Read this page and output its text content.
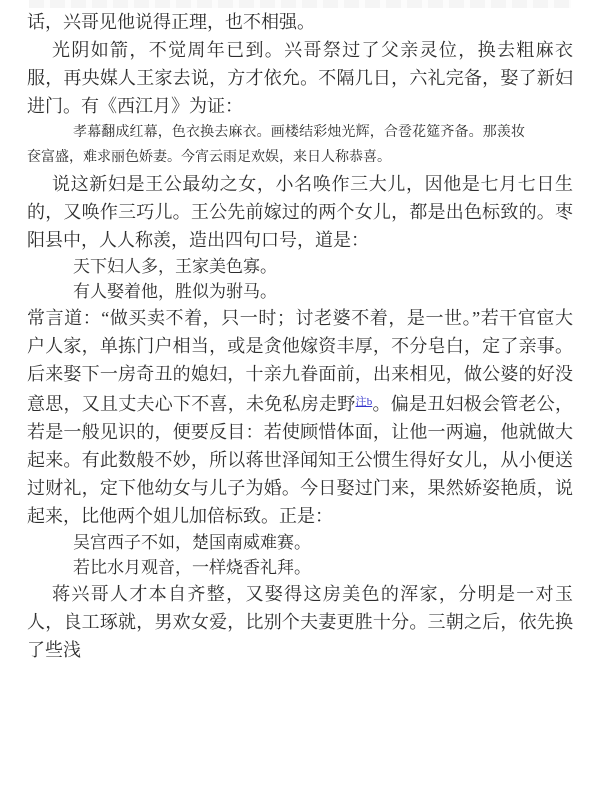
话，兴哥见他说得正理，也不相强。

光阴如箭，不觉周年已到。兴哥祭过了父亲灵位，换去粗麻衣服，再央媒人王家去说，方才依允。不隔几日，六礼完备，娶了新妇进门。有《西江月》为证：

孝幕翻成红幕，色衣换去麻衣。画楼结彩烛光辉，合卺花筵齐备。那羡妆奁富盛，难求丽色娇妻。今宵云雨足欢娱，来日人称恭喜。

说这新妇是王公最幼之女，小名唤作三大儿，因他是七月七日生的，又唤作三巧儿。王公先前嫁过的两个女儿，都是出色标致的。枣阳县中，人人称羡，造出四句口号，道是：

天下妇人多，王家美色寡。

有人娶着他，胜似为驸马。

常言道：“做买卖不着，只一时；讨老婆不着，是一世。”若干官宦大户人家，单拣门户相当，或是贪他嫁资丰厚，不分皂白，定了亲事。后来娶下一房奇丑的媳妇，十亲九眷面前，出来相见，做公婆的好没意思，又且丈夫心下不喜，未免私房走野$^{注b}$。偏是丑妇极会管老公，若是一般见识的，便要反目：若使顾惜体面，让他一两遍，他就做大起来。有此数般不妙，所以蒋世泽闻知王公惯生得好女儿，从小便送过财礼，定下他幼女与儿子为婚。今日娶过门来，果然娇姿艳质，说起来，比他两个姐儿加倍标致。正是：

吴宫西子不如，楚国南威难赛。

若比水月观音，一样烧香礼拜。

蒋兴哥人才本自齐整，又娶得这房美色的浑家，分明是一对玉人，良工琢就，男欢女爱，比别个夫妻更胜十分。三朝之后，依先换了些浅
